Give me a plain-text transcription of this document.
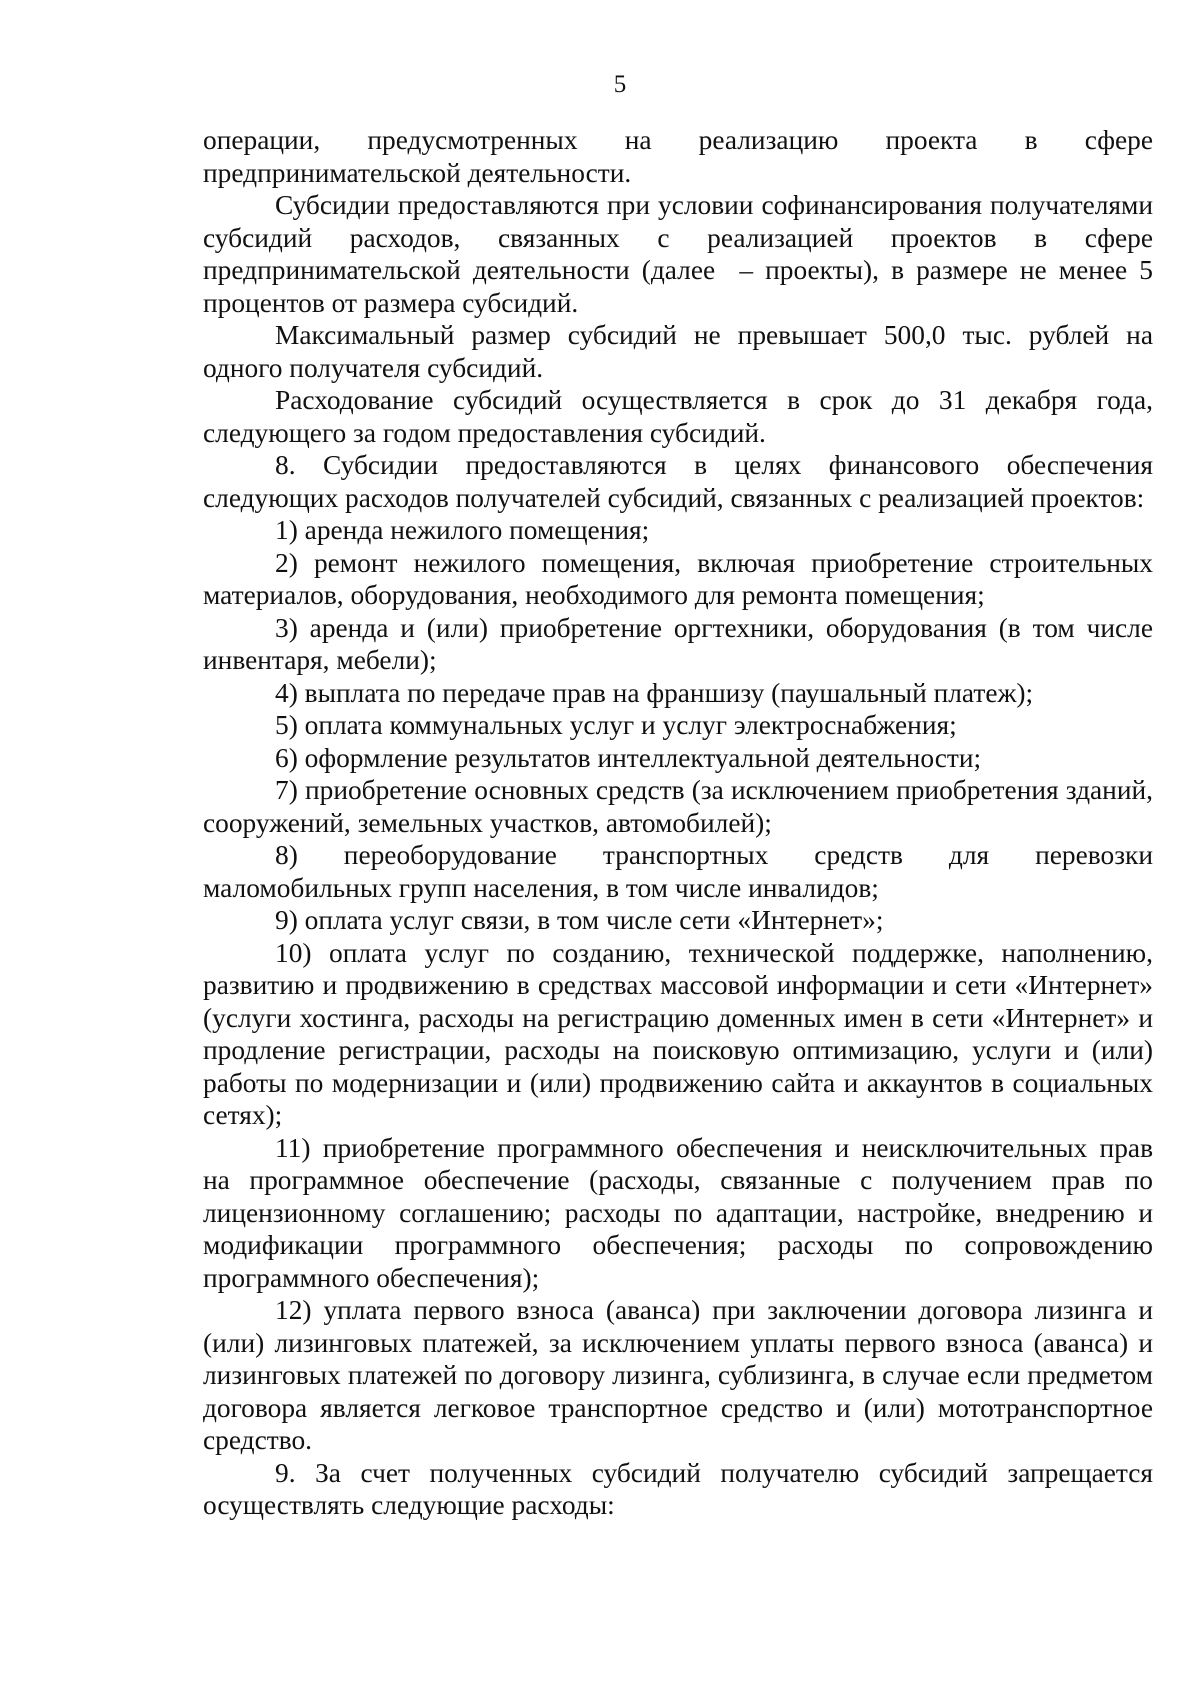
5

операции, предусмотренных на реализацию проекта в сфере предпринимательской деятельности.

Субсидии предоставляются при условии софинансирования получателями субсидий расходов, связанных с реализацией проектов в сфере предпринимательской деятельности (далее  – проекты), в размере не менее 5 процентов от размера субсидий.

Максимальный размер субсидий не превышает 500,0 тыс. рублей на одного получателя субсидий.

Расходование субсидий осуществляется в срок до 31 декабря года, следующего за годом предоставления субсидий.

8. Субсидии предоставляются в целях финансового обеспечения следующих расходов получателей субсидий, связанных с реализацией проектов:

1) аренда нежилого помещения;

2) ремонт нежилого помещения, включая приобретение строительных материалов, оборудования, необходимого для ремонта помещения;

3) аренда и (или) приобретение оргтехники, оборудования (в том числе инвентаря, мебели);

4) выплата по передаче прав на франшизу (паушальный платеж);

5) оплата коммунальных услуг и услуг электроснабжения;

6) оформление результатов интеллектуальной деятельности;

7) приобретение основных средств (за исключением приобретения зданий, сооружений, земельных участков, автомобилей);

8) переоборудование транспортных средств для перевозки маломобильных групп населения, в том числе инвалидов;

9) оплата услуг связи, в том числе сети «Интернет»;

10) оплата услуг по созданию, технической поддержке, наполнению, развитию и продвижению в средствах массовой информации и сети «Интернет» (услуги хостинга, расходы на регистрацию доменных имен в сети «Интернет» и продление регистрации, расходы на поисковую оптимизацию, услуги и (или) работы по модернизации и (или) продвижению сайта и аккаунтов в социальных сетях);

11) приобретение программного обеспечения и неисключительных прав на программное обеспечение (расходы, связанные с получением прав по лицензионному соглашению; расходы по адаптации, настройке, внедрению и модификации программного обеспечения; расходы по сопровождению программного обеспечения);

12) уплата первого взноса (аванса) при заключении договора лизинга и (или) лизинговых платежей, за исключением уплаты первого взноса (аванса) и лизинговых платежей по договору лизинга, сублизинга, в случае если предметом договора является легковое транспортное средство и (или) мототранспортное средство.

9. За счет полученных субсидий получателю субсидий запрещается осуществлять следующие расходы:
